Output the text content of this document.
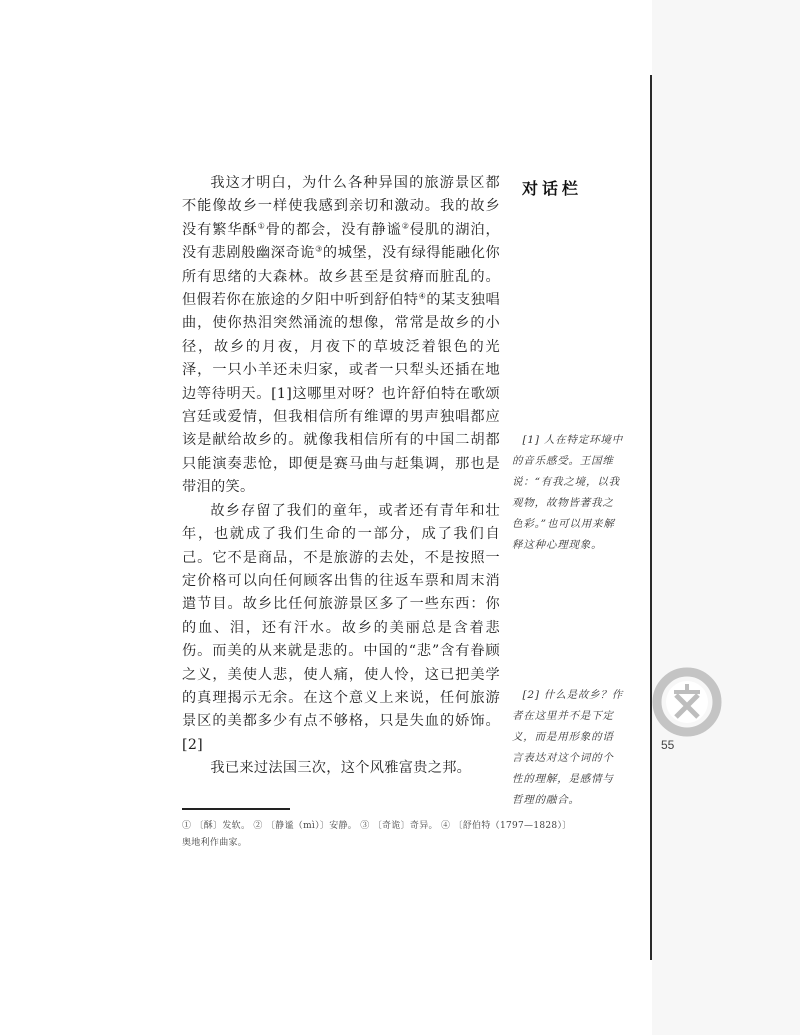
我这才明白，为什么各种异国的旅游景区都不能像故乡一样使我感到亲切和激动。我的故乡没有繁华酥①骨的都会，没有静谧②侵肌的湖泊，没有悲剧般幽深奇诡③的城堡，没有绿得能融化你所有思绪的大森林。故乡甚至是贫瘠而脏乱的。但假若你在旅途的夕阳中听到舒伯特④的某支独唱曲，使你热泪突然涌流的想像，常常是故乡的小径，故乡的月夜，月夜下的草坡泛着银色的光泽，一只小羊还未归家，或者一只犁头还插在地边等待明天。[1]这哪里对呀？也许舒伯特在歌颂宫廷或爱情，但我相信所有维谭的男声独唱都应该是献给故乡的。就像我相信所有的中国二胡都只能演奏悲怆，即便是赛马曲与赶集调，那也是带泪的笑。

故乡存留了我们的童年，或者还有青年和壮年，也就成了我们生命的一部分，成了我们自己。它不是商品，不是旅游的去处，不是按照一定价格可以向任何顾客出售的往返车票和周末消遣节目。故乡比任何旅游景区多了一些东西：你的血、泪，还有汗水。故乡的美丽总是含着悲伤。而美的从来就是悲的。中国的“悲”含有眷顾之义，美使人悲，使人痛，使人怜，这已把美学的真理揭示无余。在这个意义上来说，任何旅游景区的美都多少有点不够格，只是失血的娇饰。[2]

我已来过法国三次，这个风雅富贵之邦。

对话栏

[1] 人在特定环境中的音乐感受。王国维说：“有我之境，以我观物，故物皆著我之色彩。”也可以用来解释这种心理现象。

[2] 什么是故乡？作者在这里并不是下定义，而是用形象的语言表达对这个词的个性的理解，是感情与哲理的融合。

① 〔酥〕发软。 ② 〔静谧（mì）〕安静。 ③ 〔奇诡〕奇异。 ④ 〔舒伯特（1797—1828）〕
奥地利作曲家。
55
